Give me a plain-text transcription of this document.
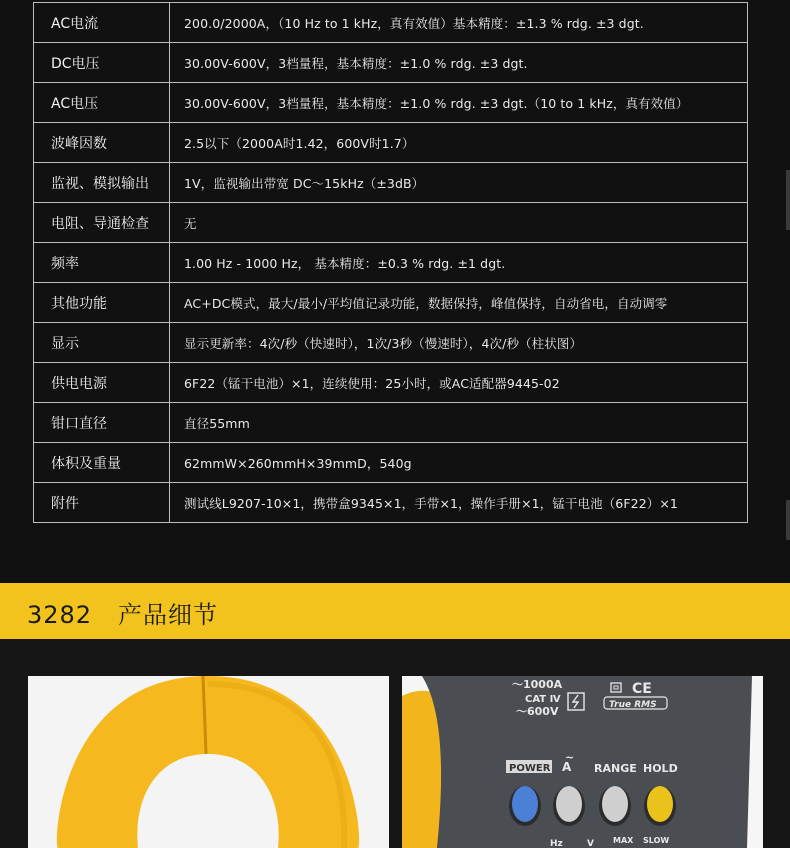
AC电流	200.0/2000A，（10 Hz to 1 kHz，真有效值）基本精度：±1.3 % rdg. ±3 dgt.
DC电压	30.00V-600V，3档量程，基本精度：±1.0 % rdg. ±3 dgt.
AC电压	30.00V-600V，3档量程，基本精度：±1.0 % rdg. ±3 dgt.（10 to 1 kHz，真有效值）
波峰因数	2.5以下（2000A时1.42，600V时1.7）
监视、模拟输出	1V，监视输出带宽 DC～15kHz（±3dB）
电阻、导通检查	无
频率	1.00 Hz - 1000 Hz， 基本精度：±0.3 % rdg. ±1 dgt.
其他功能	AC+DC模式，最大/最小/平均值记录功能，数据保持，峰值保持，自动省电，自动调零
显示	显示更新率：4次/秒（快速时），1次/3秒（慢速时），4次/秒（柱状图）
供电电源	6F22（锰干电池）×1，连续使用：25小时，或AC适配器9445-02
钳口直径	直径55mm
体积及重量	62mmW×260mmH×39mmD，540g
附件	测试线L9207-10×1，携带盒9345×1，手带×1，操作手册×1，锰干电池（6F22）×1
3282 产品细节
～1000A
CAT Ⅳ
～600V
CE
True RMS
POWER A
~
RANGE HOLD
Hz	V MAX SLOW
